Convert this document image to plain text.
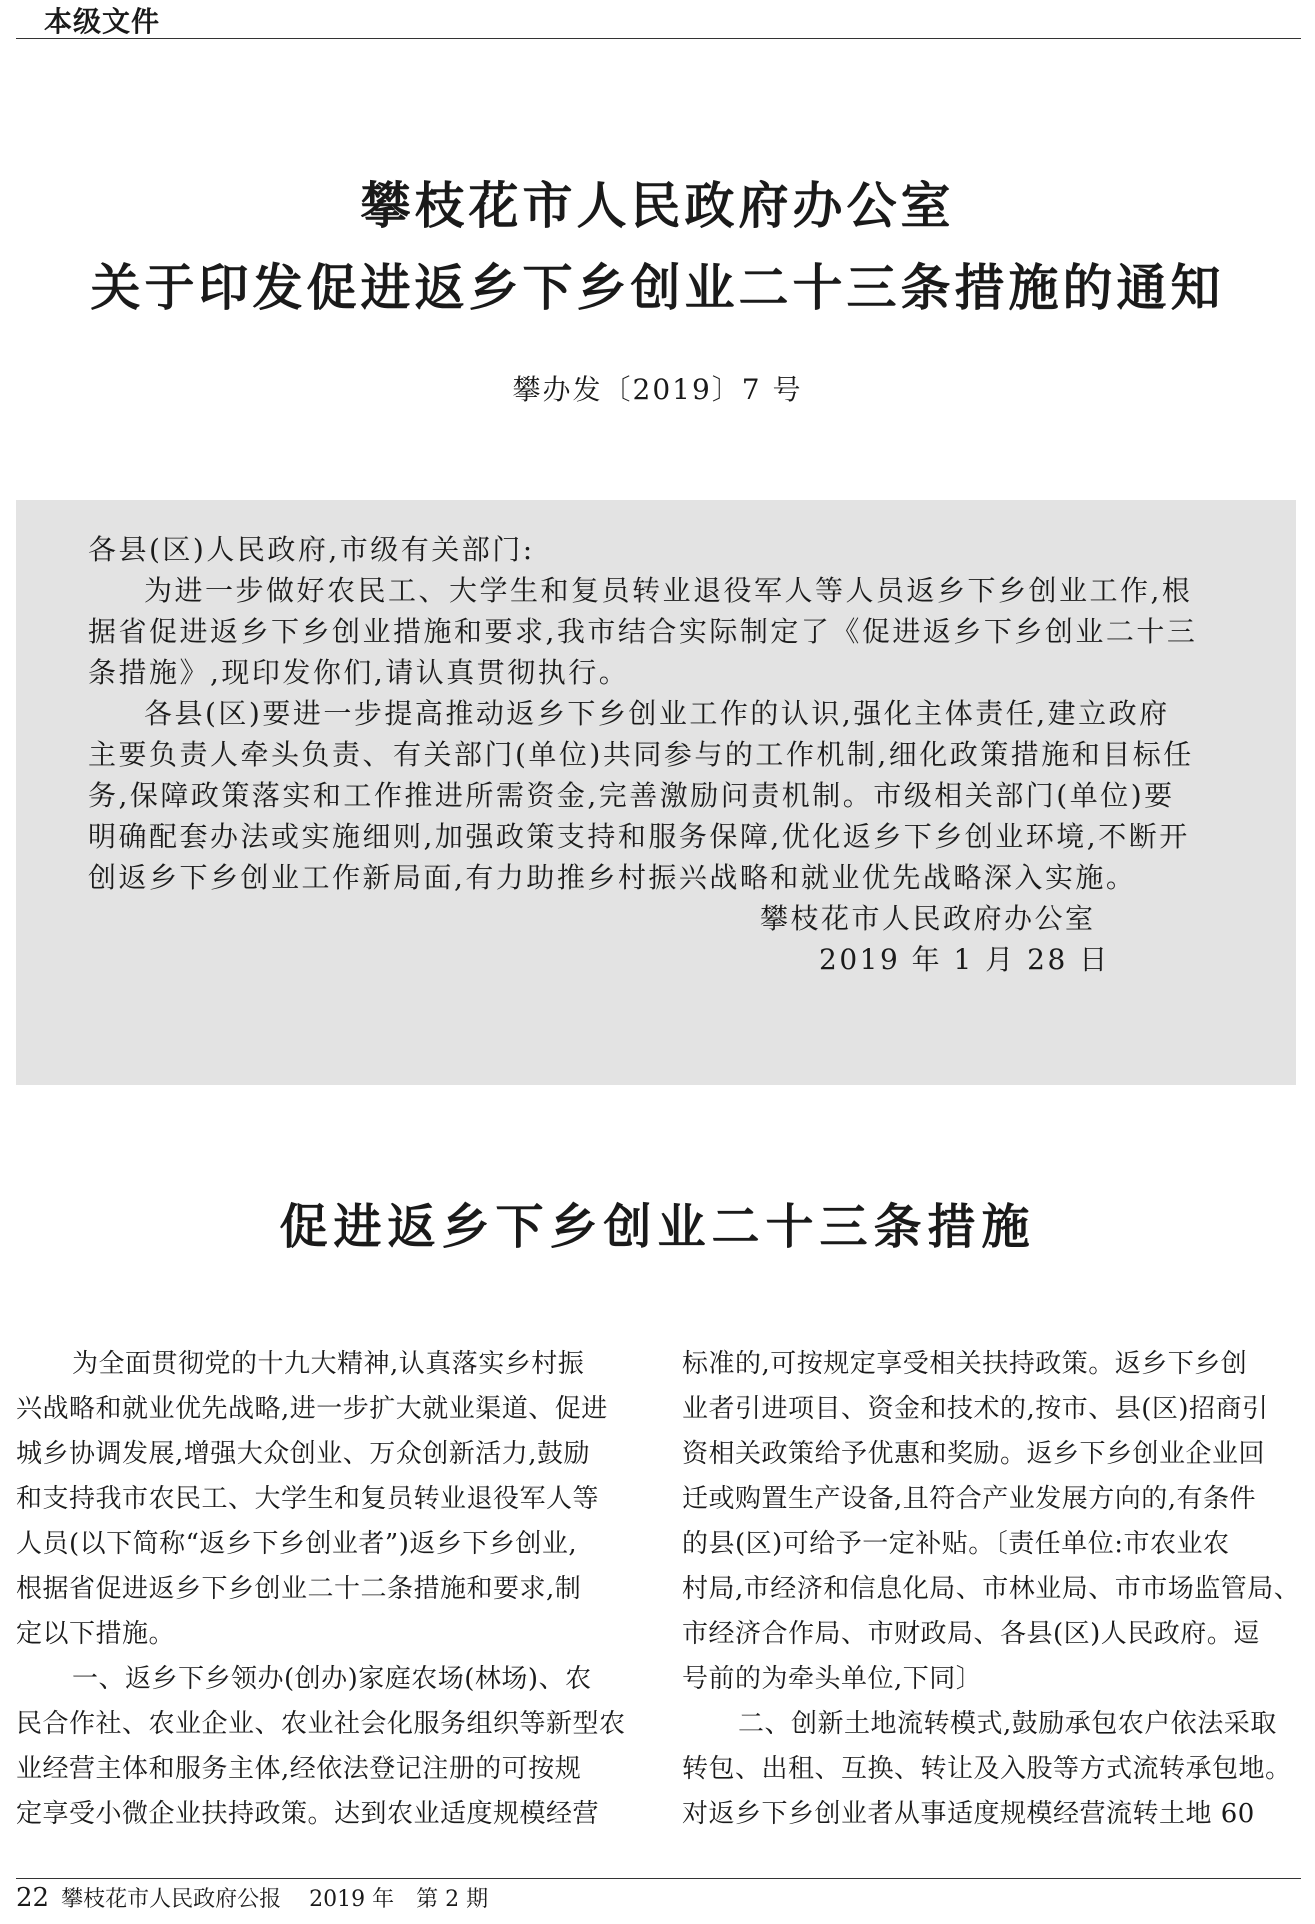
本级文件
攀枝花市人民政府办公室
关于印发促进返乡下乡创业二十三条措施的通知
攀办发〔2019〕7 号
各县(区)人民政府,市级有关部门:
为进一步做好农民工、大学生和复员转业退役军人等人员返乡下乡创业工作,根
据省促进返乡下乡创业措施和要求,我市结合实际制定了《促进返乡下乡创业二十三
条措施》,现印发你们,请认真贯彻执行。
各县(区)要进一步提高推动返乡下乡创业工作的认识,强化主体责任,建立政府
主要负责人牵头负责、有关部门(单位)共同参与的工作机制,细化政策措施和目标任
务,保障政策落实和工作推进所需资金,完善激励问责机制。市级相关部门(单位)要
明确配套办法或实施细则,加强政策支持和服务保障,优化返乡下乡创业环境,不断开
创返乡下乡创业工作新局面,有力助推乡村振兴战略和就业优先战略深入实施。
攀枝花市人民政府办公室
2019 年 1 月 28 日
促进返乡下乡创业二十三条措施
为全面贯彻党的十九大精神,认真落实乡村振
兴战略和就业优先战略,进一步扩大就业渠道、促进
城乡协调发展,增强大众创业、万众创新活力,鼓励
和支持我市农民工、大学生和复员转业退役军人等
人员(以下简称“返乡下乡创业者”)返乡下乡创业,
根据省促进返乡下乡创业二十二条措施和要求,制
定以下措施。
一、返乡下乡领办(创办)家庭农场(林场)、农
民合作社、农业企业、农业社会化服务组织等新型农
业经营主体和服务主体,经依法登记注册的可按规
定享受小微企业扶持政策。达到农业适度规模经营
标准的,可按规定享受相关扶持政策。返乡下乡创
业者引进项目、资金和技术的,按市、县(区)招商引
资相关政策给予优惠和奖励。返乡下乡创业企业回
迁或购置生产设备,且符合产业发展方向的,有条件
的县(区)可给予一定补贴。〔责任单位:市农业农
村局,市经济和信息化局、市林业局、市市场监管局、
市经济合作局、市财政局、各县(区)人民政府。逗
号前的为牵头单位,下同〕
二、创新土地流转模式,鼓励承包农户依法采取
转包、出租、互换、转让及入股等方式流转承包地。
对返乡下乡创业者从事适度规模经营流转土地 60
22 攀枝花市人民政府公报 2019 年 第 2 期
